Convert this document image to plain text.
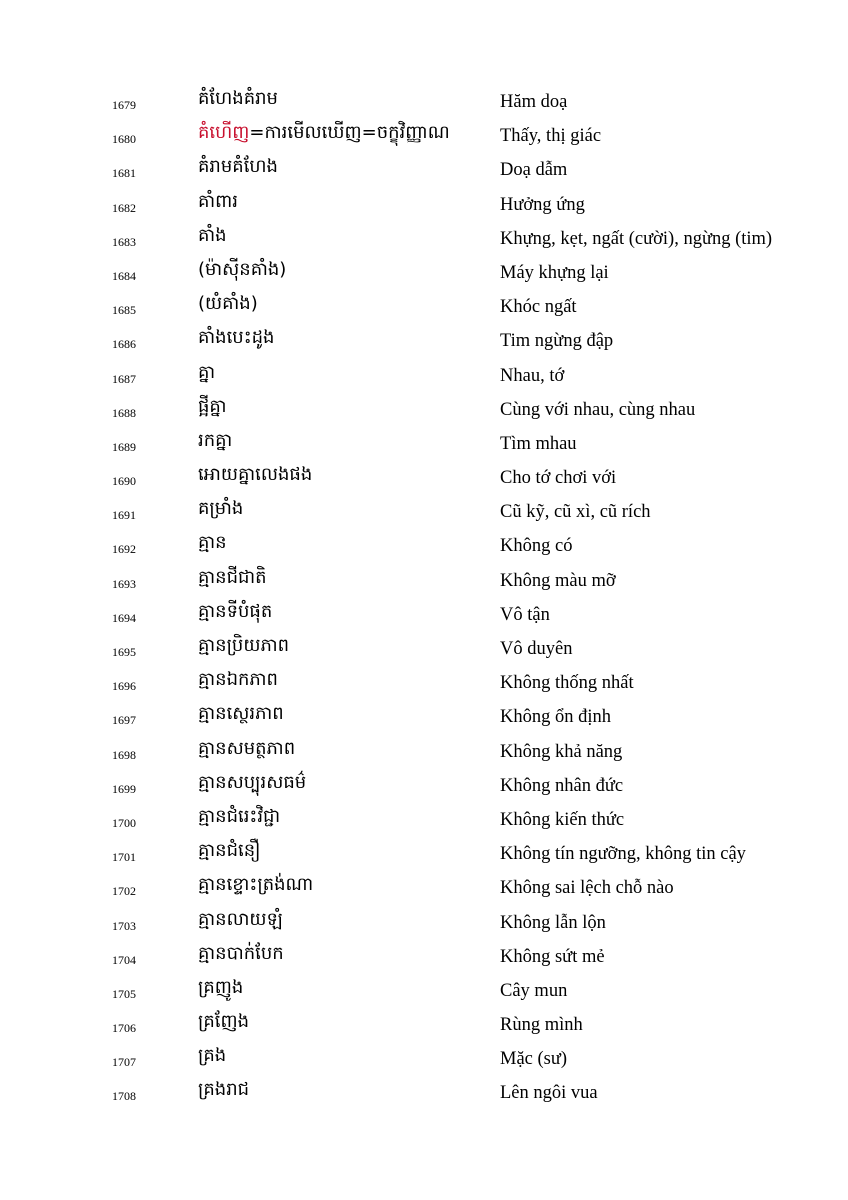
1679	គំហែងគំរាម	Hăm doạ
1680	គំហើញ=ការមើលឃើញ=ចក្ខុវិញ្ញាណ	Thấy, thị giác
1681	គំរាមគំហែង	Doạ dẫm
1682	គាំពារ	Hưởng ứng
1683	គាំង	Khựng, kẹt, ngất (cười), ngừng (tim)
1684	(ម៉ាស៊ីនគាំង)	Máy khựng lại
1685	(យំគាំង)	Khóc ngất
1686	គាំងបេះដូង	Tim ngừng đập
1687	គ្នា	Nhau, tớ
1688	ផ្អីគ្នា	Cùng với nhau, cùng nhau
1689	រកគ្នា	Tìm mhau
1690	អោយគ្នាលេងផង	Cho tớ chơi với
1691	គម្រាំង	Cũ kỹ, cũ xì, cũ rích
1692	គ្មាន	Không có
1693	គ្មានជីជាតិ	Không màu mỡ
1694	គ្មានទីបំផុត	Vô tận
1695	គ្មានប្រិយភាព	Vô duyên
1696	គ្មានឯកភាព	Không thống nhất
1697	គ្មានស្ថេរភាព	Không ổn định
1698	គ្មានសមត្ថភាព	Không khả năng
1699	គ្មានសប្បុរសធម៌	Không nhân đức
1700	គ្មានជំរេះវិជ្ជា	Không kiến thức
1701	គ្មានជំនឿ	Không tín ngưỡng, không tin cậy
1702	គ្មានខ្ទោះត្រង់ណា	Không sai lệch chỗ nào
1703	គ្មានលាយឡំ	Không lẫn lộn
1704	គ្មានបាក់បែក	Không sứt mẻ
1705	គ្រញូង	Cây mun
1706	គ្រញែង	Rùng mình
1707	គ្រង	Mặc (sư)
1708	គ្រងរាជ	Lên ngôi vua
